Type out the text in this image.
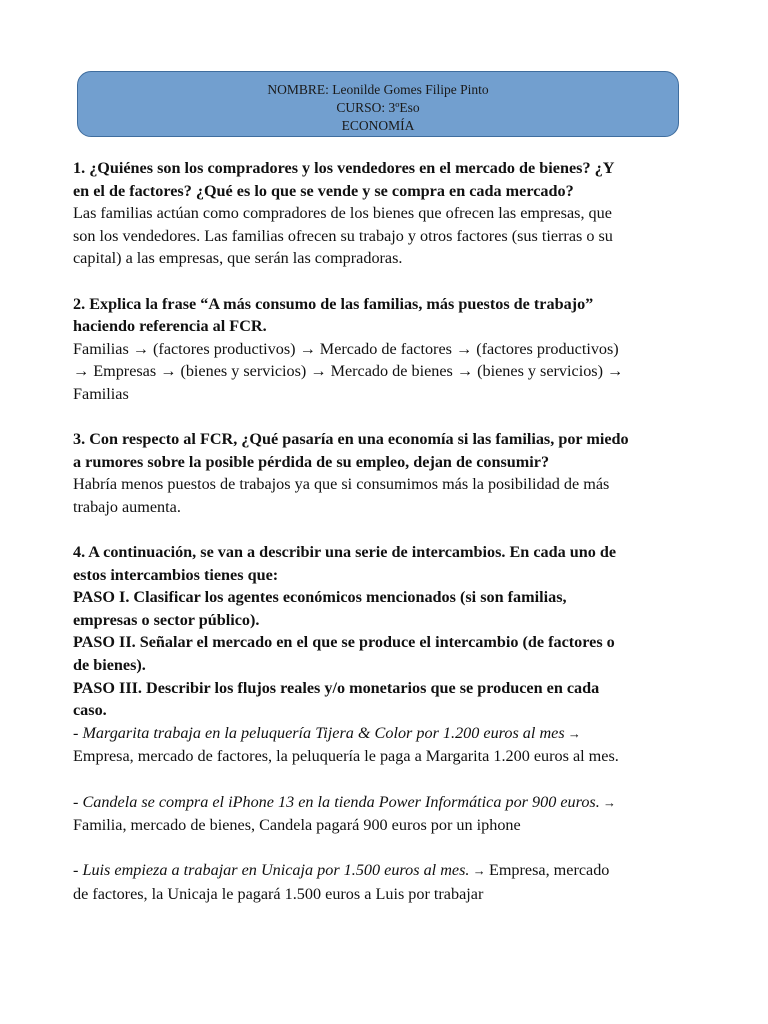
NOMBRE: Leonilde Gomes Filipe Pinto
CURSO: 3ºEso
ECONOMÍA
1. ¿Quiénes son los compradores y los vendedores en el mercado de bienes? ¿Y
en el de factores? ¿Qué es lo que se vende y se compra en cada mercado?
Las familias actúan como compradores de los bienes que ofrecen las empresas, que
son los vendedores. Las familias ofrecen su trabajo y otros factores (sus tierras o su
capital) a las empresas, que serán las compradoras.
2. Explica la frase “A más consumo de las familias, más puestos de trabajo”
haciendo referencia al FCR.
Familias → (factores productivos) → Mercado de factores → (factores productivos)
→ Empresas → (bienes y servicios) → Mercado de bienes → (bienes y servicios) →
Familias
3. Con respecto al FCR, ¿Qué pasaría en una economía si las familias, por miedo
a rumores sobre la posible pérdida de su empleo, dejan de consumir?
Habría menos puestos de trabajos ya que si consumimos más la posibilidad de más
trabajo aumenta.
4. A continuación, se van a describir una serie de intercambios. En cada uno de
estos intercambios tienes que:
PASO I. Clasificar los agentes económicos mencionados (si son familias,
empresas o sector público).
PASO II. Señalar el mercado en el que se produce el intercambio (de factores o
de bienes).
PASO III. Describir los flujos reales y/o monetarios que se producen en cada
caso.
- Margarita trabaja en la peluquería Tijera & Color por 1.200 euros al mes →
Empresa, mercado de factores, la peluquería le paga a Margarita 1.200 euros al mes.
- Candela se compra el iPhone 13 en la tienda Power Informática por 900 euros. →
Familia, mercado de bienes, Candela pagará 900 euros por un iphone
- Luis empieza a trabajar en Unicaja por 1.500 euros al mes. → Empresa, mercado
de factores, la Unicaja le pagará 1.500 euros a Luis por trabajar
